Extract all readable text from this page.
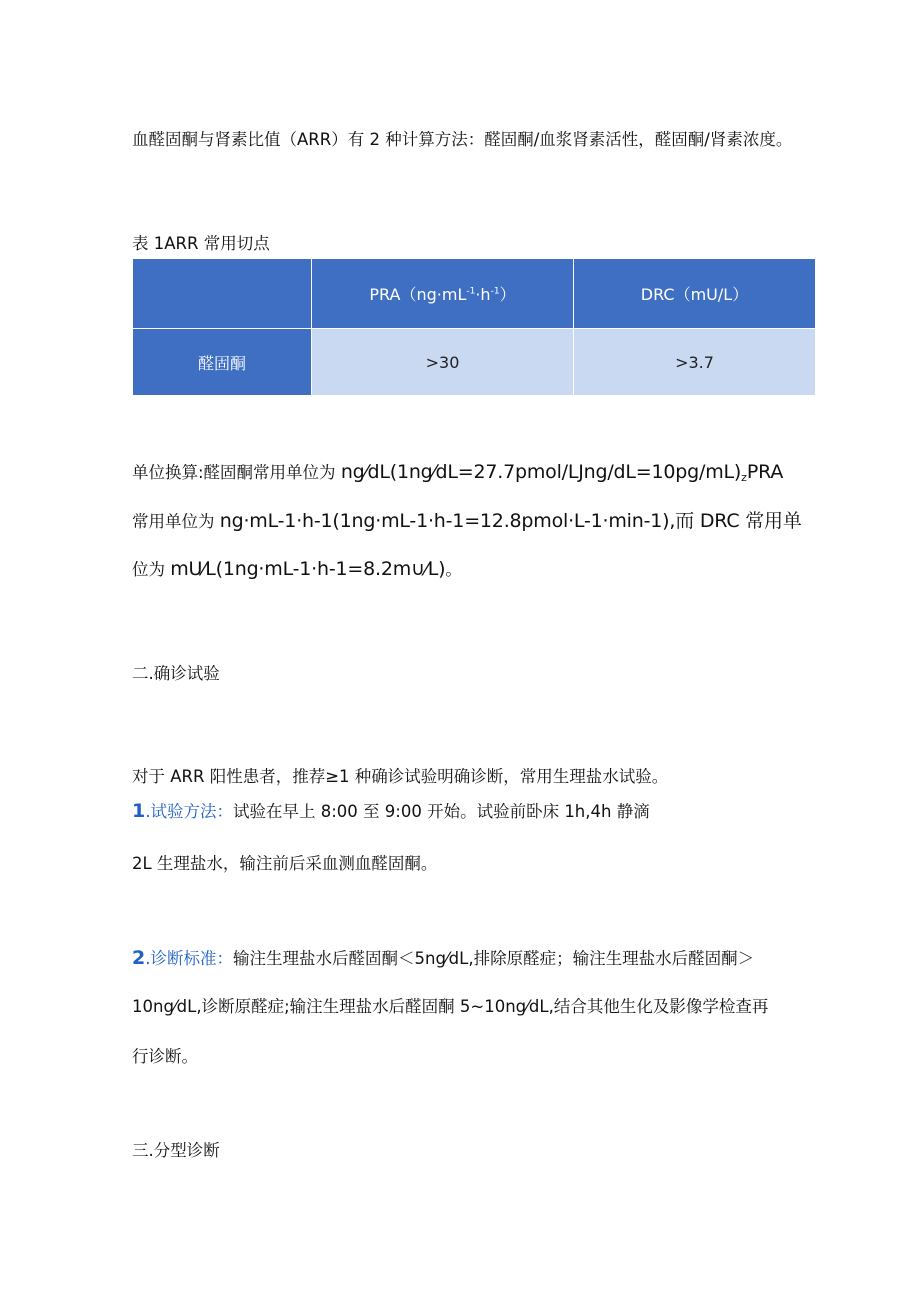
血醛固酮与肾素比值（ARR）有 2 种计算方法：醛固酮/血浆肾素活性，醛固酮/肾素浓度。
表 1ARR 常用切点
	$PRA(ng\cdot mL^{-1}\cdot h^{-1})$	DRC（mU/L）
醛固酮	>30	>3.7
单位换算:醛固酮常用单位为 $ng⁄dL(1ng⁄dL=27.7pmol/LJng/dL=10pg/mL)_zPRA$
常用单位为 ng·mL-1·h-1(1ng·mL-1·h-1=12.8pmol·L-1·min-1),而 DRC 常用单
位为 mU⁄L(1ng·mL-1·h-1=8.2m∪⁄L)。
二.确诊试验
对于 ARR 阳性患者，推荐≥1 种确诊试验明确诊断，常用生理盐水试验。
1.试验方法：试验在早上 8:00 至 9:00 开始。试验前卧床 1h,4h 静滴
2L 生理盐水，输注前后采血测血醛固酮。
2.诊断标准：输注生理盐水后醛固酮＜5ng⁄dL,排除原醛症；输注生理盐水后醛固酮＞
10ng⁄dL,诊断原醛症;输注生理盐水后醛固酮 5~10ng⁄dL,结合其他生化及影像学检查再
行诊断。
三.分型诊断
